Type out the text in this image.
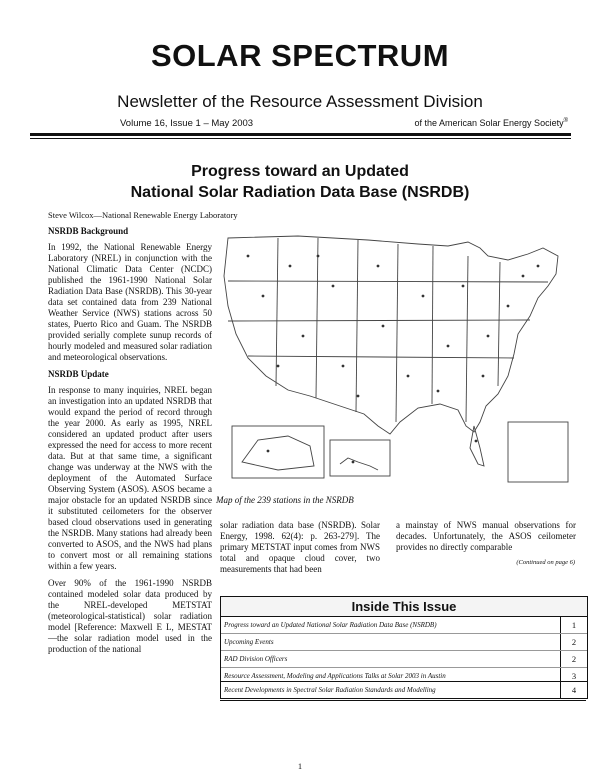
SOLAR SPECTRUM
Newsletter of the Resource Assessment Division
Volume 16, Issue 1 – May 2003	of the American Solar Energy Society®
Progress toward an Updated
National Solar Radiation Data Base (NSRDB)
Steve Wilcox—National Renewable Energy Laboratory
NSRDB Background

In 1992, the National Renewable Energy Laboratory (NREL) in conjunction with the National Climatic Data Center (NCDC) published the 1961-1990 National Solar Radiation Data Base (NSRDB). This 30-year data set contained data from 239 National Weather Service (NWS) stations across 50 states, Puerto Rico and Guam. The NSRDB provided serially complete sunup records of hourly modeled and measured solar radiation and meteorological observations.

NSRDB Update

In response to many inquiries, NREL began an investigation into an updated NSRDB that would expand the period of record through the year 2000. As early as 1995, NREL considered an updated product after users expressed the need for access to more recent data. But at that same time, a significant change was underway at the NWS with the deployment of the Automated Surface Observing System (ASOS). ASOS became a major obstacle for an updated NSRDB since it substituted ceilometers for the observer based cloud observations used in generating the NSRDB. Many stations had already been converted to ASOS, and the NWS had plans to convert most or all remaining stations within a few years.

Over 90% of the 1961-1990 NSRDB contained modeled solar data produced by the NREL-developed METSTAT (meteorological-statistical) solar radiation model [Reference: Maxwell E L, MESTAT—the solar radiation model used in the production of the national

Map of the 239 stations in the NSRDB
solar radiation data base (NSRDB). Solar Energy, 1998. 62(4): p. 263-279]. The primary METSTAT input comes from NWS total and opaque cloud cover, two measurements that had been
a mainstay of NWS manual observations for decades. Unfortunately, the ASOS ceilometer provides no directly comparable
(Continued on page 6)
Inside This Issue
Progress toward an Updated National Solar Radiation Data Base (NSRDB)	1
Upcoming Events	2
RAD Division Officers	2
Resource Assessment, Modeling and Applications Talks at Solar 2003 in Austin	3
Recent Developments in Spectral Solar Radiation Standards and Modelling	4
1
